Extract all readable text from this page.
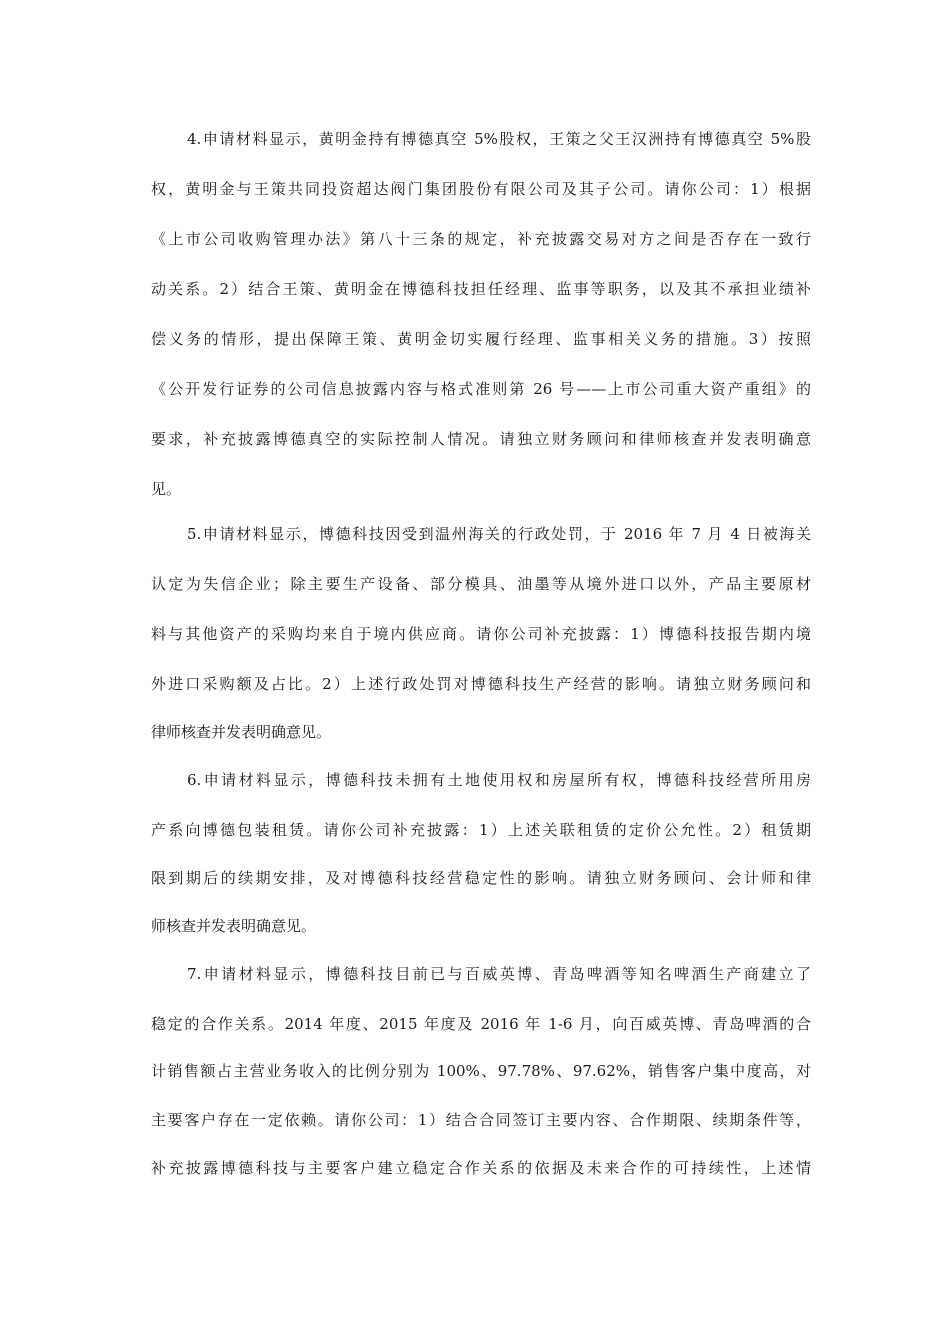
4.申请材料显示，黄明金持有博德真空 5%股权，王策之父王汉洲持有博德真空 5%股

权，黄明金与王策共同投资超达阀门集团股份有限公司及其子公司。请你公司：1）根据

《上市公司收购管理办法》第八十三条的规定，补充披露交易对方之间是否存在一致行

动关系。2）结合王策、黄明金在博德科技担任经理、监事等职务，以及其不承担业绩补

偿义务的情形，提出保障王策、黄明金切实履行经理、监事相关义务的措施。3）按照

《公开发行证券的公司信息披露内容与格式准则第 26 号——上市公司重大资产重组》的

要求，补充披露博德真空的实际控制人情况。请独立财务顾问和律师核查并发表明确意

见。

5.申请材料显示，博德科技因受到温州海关的行政处罚，于 2016 年 7 月 4 日被海关

认定为失信企业；除主要生产设备、部分模具、油墨等从境外进口以外，产品主要原材

料与其他资产的采购均来自于境内供应商。请你公司补充披露：1）博德科技报告期内境

外进口采购额及占比。2）上述行政处罚对博德科技生产经营的影响。请独立财务顾问和

律师核查并发表明确意见。

6.申请材料显示，博德科技未拥有土地使用权和房屋所有权，博德科技经营所用房

产系向博德包装租赁。请你公司补充披露：1）上述关联租赁的定价公允性。2）租赁期

限到期后的续期安排，及对博德科技经营稳定性的影响。请独立财务顾问、会计师和律

师核查并发表明确意见。

7.申请材料显示，博德科技目前已与百威英博、青岛啤酒等知名啤酒生产商建立了

稳定的合作关系。2014 年度、2015 年度及 2016 年 1-6 月，向百威英博、青岛啤酒的合

计销售额占主营业务收入的比例分别为 100%、97.78%、97.62%，销售客户集中度高，对

主要客户存在一定依赖。请你公司：1）结合合同签订主要内容、合作期限、续期条件等，

补充披露博德科技与主要客户建立稳定合作关系的依据及未来合作的可持续性，上述情
